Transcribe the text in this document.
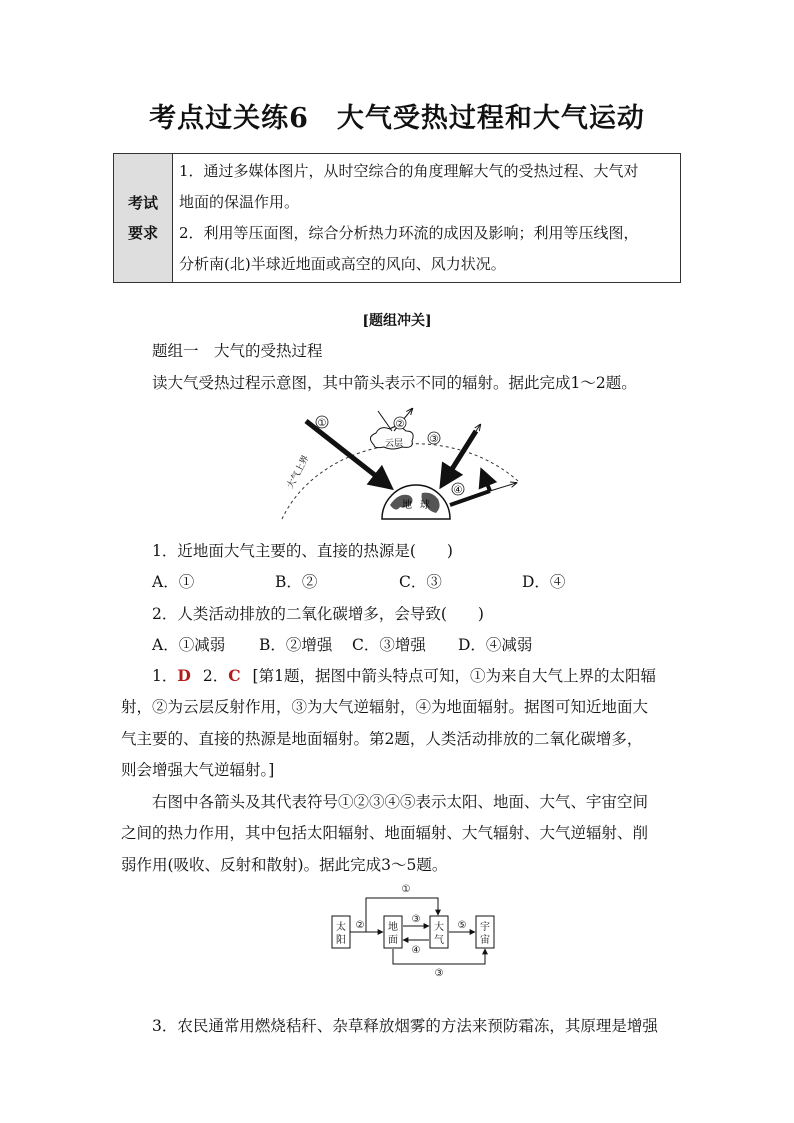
考点过关练6　大气受热过程和大气运动
考试
要求

1．通过多媒体图片，从时空综合的角度理解大气的受热过程、大气对
地面的保温作用。
2．利用等压面图，综合分析热力环流的成因及影响；利用等压线图，
分析南(北)半球近地面或高空的风向、风力状况。
[题组冲关]
题组一　大气的受热过程
读大气受热过程示意图，其中箭头表示不同的辐射。据此完成1～2题。
大气上界
地 球
①
云层
②
③
④
1．近地面大气主要的、直接的热源是(　　)
A．①	B．②	C．③	D．④
2．人类活动排放的二氧化碳增多，会导致(　　)
A．①减弱 B．②增强 C．③增强 D．④减弱
1．D 2．C [第1题，据图中箭头特点可知，①为来自大气上界的太阳辐
射，②为云层反射作用，③为大气逆辐射，④为地面辐射。据图可知近地面大
气主要的、直接的热源是地面辐射。第2题，人类活动排放的二氧化碳增多，
则会增强大气逆辐射。]
右图中各箭头及其代表符号①②③④⑤表示太阳、地面、大气、宇宙空间
之间的热力作用，其中包括太阳辐射、地面辐射、大气辐射、大气逆辐射、削
弱作用(吸收、反射和散射)。据此完成3～5题。
太
阳
地
面
大
气
宇
宙
①
②
③
④
⑤
③
3．农民通常用燃烧秸秆、杂草释放烟雾的方法来预防霜冻，其原理是增强
